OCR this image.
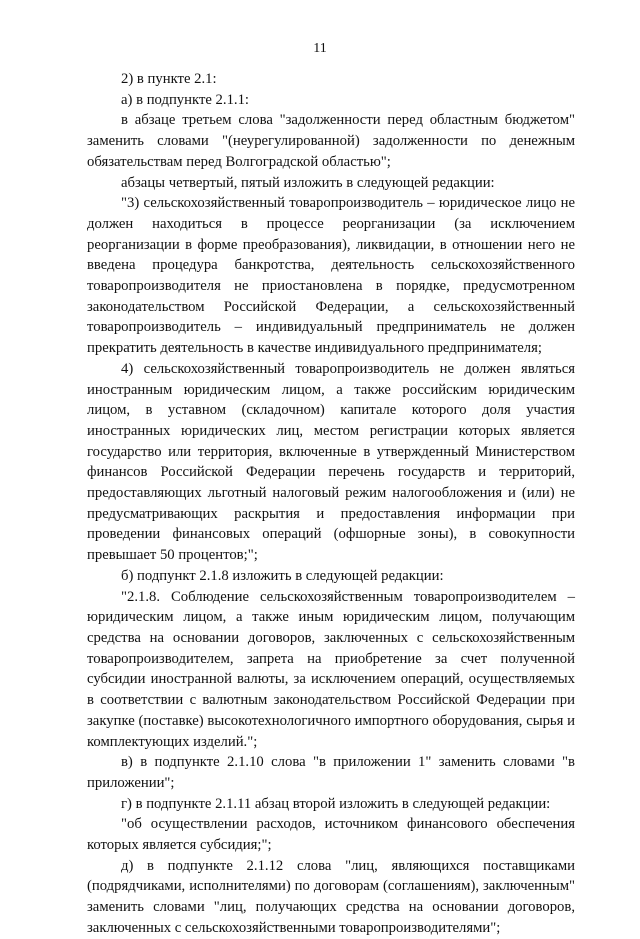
11

2) в пункте 2.1:

а) в подпункте 2.1.1:

в абзаце третьем слова "задолженности перед областным бюджетом" заменить словами "(неурегулированной) задолженности по денежным обязательствам перед Волгоградской областью";

абзацы четвертый, пятый изложить в следующей редакции:

"3) сельскохозяйственный товаропроизводитель – юридическое лицо не должен находиться в процессе реорганизации (за исключением реорганизации в форме преобразования), ликвидации, в отношении него не введена процедура банкротства, деятельность сельскохозяйственного товаропроизводителя не приостановлена в порядке, предусмотренном законодательством Российской Федерации, а сельскохозяйственный товаропроизводитель – индивидуальный предприниматель не должен прекратить деятельность в качестве индивидуального предпринимателя;

4) сельскохозяйственный товаропроизводитель не должен являться иностранным юридическим лицом, а также российским юридическим лицом, в уставном (складочном) капитале которого доля участия иностранных юридических лиц, местом регистрации которых является государство или территория, включенные в утвержденный Министерством финансов Российской Федерации перечень государств и территорий, предоставляющих льготный налоговый режим налогообложения и (или) не предусматривающих раскрытия и предоставления информации при проведении финансовых операций (офшорные зоны), в совокупности превышает 50 процентов;";

б) подпункт 2.1.8 изложить в следующей редакции:

"2.1.8. Соблюдение сельскохозяйственным товаропроизводителем – юридическим лицом, а также иным юридическим лицом, получающим средства на основании договоров, заключенных с сельскохозяйственным товаропроизводителем, запрета на приобретение за счет полученной субсидии иностранной валюты, за исключением операций, осуществляемых в соответствии с валютным законодательством Российской Федерации при закупке (поставке) высокотехнологичного импортного оборудования, сырья и комплектующих изделий.";

в) в подпункте 2.1.10 слова "в приложении 1" заменить словами "в приложении";

г) в подпункте 2.1.11 абзац второй изложить в следующей редакции:

"об осуществлении расходов, источником финансового обеспечения которых является субсидия;";

д) в подпункте 2.1.12 слова "лиц, являющихся поставщиками (подрядчиками, исполнителями) по договорам (соглашениям), заключенным" заменить словами "лиц, получающих средства на основании договоров, заключенных с сельскохозяйственными товаропроизводителями";
